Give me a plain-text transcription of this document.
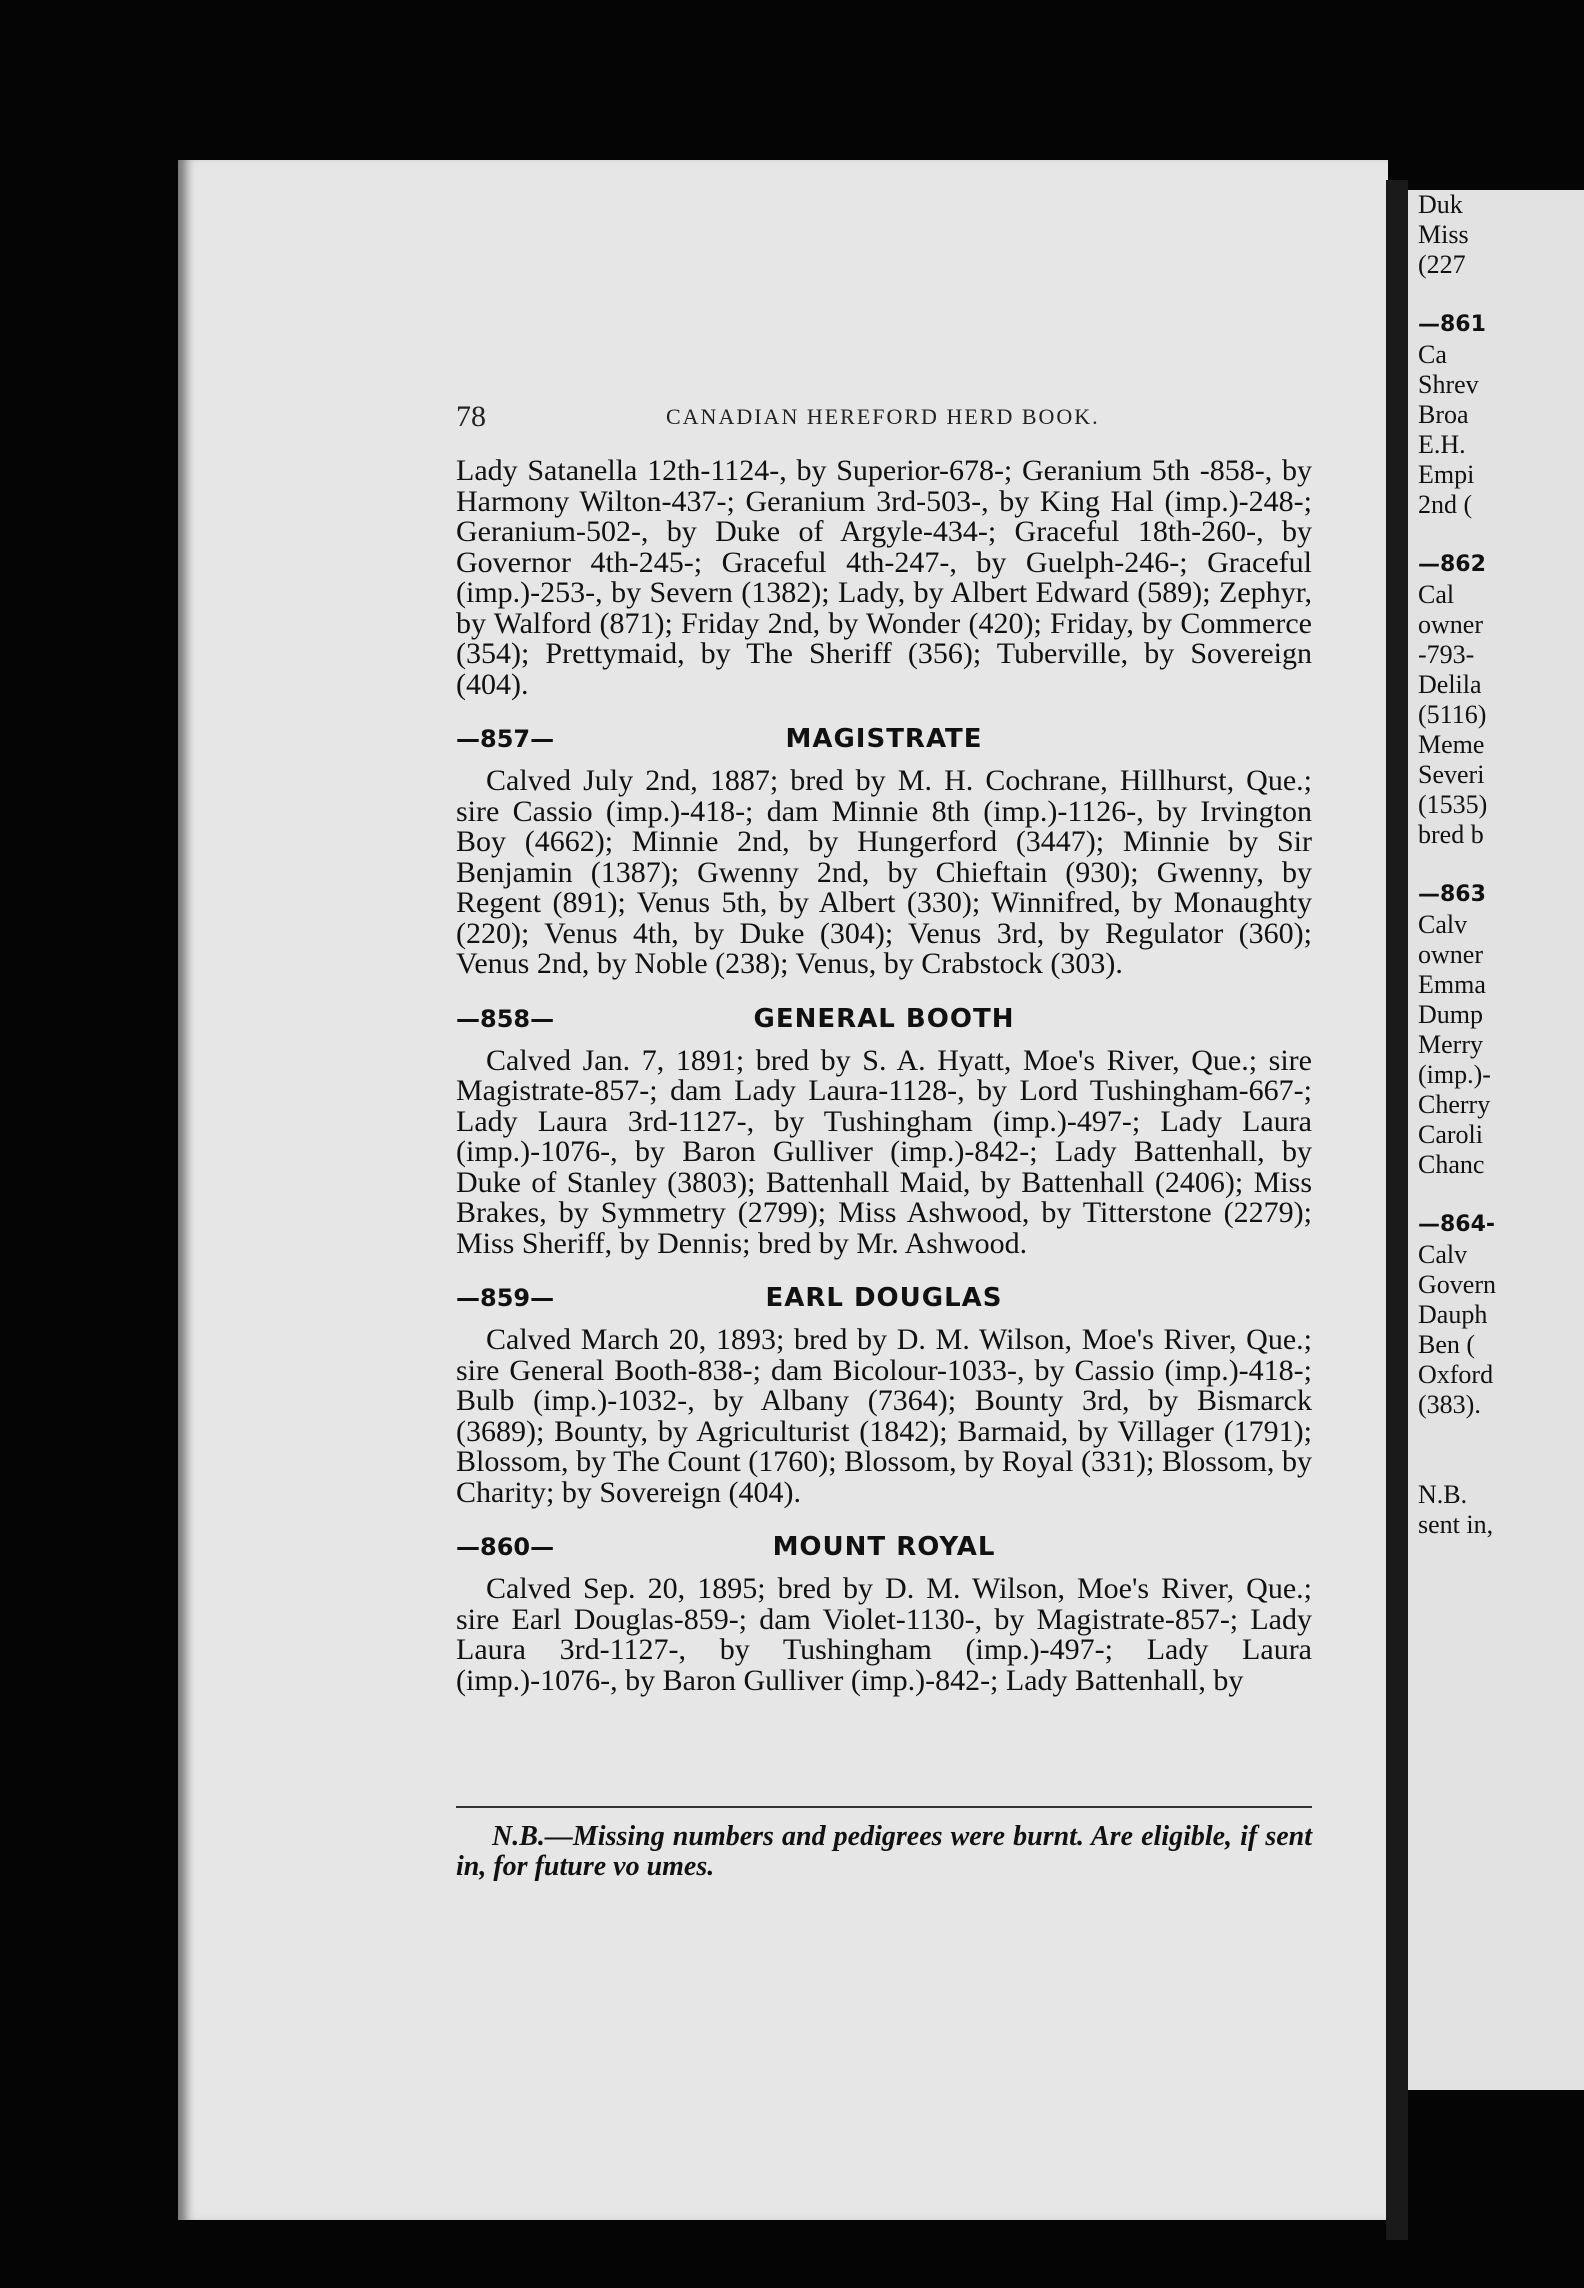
Duk
Miss
(227
—861
Ca
Shrev
Broa
E.H.
Empi
2nd (
—862
Cal
owner
-793-
Delila
(5116)
Meme
Severi
(1535)
bred b
—863
Calv
owner
Emma
Dump
Merry
(imp.)-
Cherry
Caroli
Chanc
—864-
Calv
Govern
Dauph
Ben (
Oxford
(383).
N.B.
sent in,
78	CANADIAN HEREFORD HERD BOOK.

Lady Satanella 12th-1124-, by Superior-678-; Geranium 5th -858-, by Harmony Wilton-437-; Geranium 3rd-503-, by King Hal (imp.)-248-; Geranium-502-, by Duke of Argyle-434-; Graceful 18th-260-, by Governor 4th-245-; Graceful 4th-247-, by Guelph-246-; Graceful (imp.)-253-, by Severn (1382); Lady, by Albert Edward (589); Zephyr, by Walford (871); Friday 2nd, by Wonder (420); Friday, by Commerce (354); Prettymaid, by The Sheriff (356); Tuberville, by Sovereign (404).

—857—	MAGISTRATE

Calved July 2nd, 1887; bred by M. H. Cochrane, Hillhurst, Que.; sire Cassio (imp.)-418-; dam Minnie 8th (imp.)-1126-, by Irvington Boy (4662); Minnie 2nd, by Hungerford (3447); Minnie by Sir Benjamin (1387); Gwenny 2nd, by Chieftain (930); Gwenny, by Regent (891); Venus 5th, by Albert (330); Winnifred, by Monaughty (220); Venus 4th, by Duke (304); Venus 3rd, by Regulator (360); Venus 2nd, by Noble (238); Venus, by Crabstock (303).

—858—	GENERAL BOOTH

Calved Jan. 7, 1891; bred by S. A. Hyatt, Moe's River, Que.; sire Magistrate-857-; dam Lady Laura-1128-, by Lord Tushingham-667-; Lady Laura 3rd-1127-, by Tushingham (imp.)-497-; Lady Laura (imp.)-1076-, by Baron Gulliver (imp.)-842-; Lady Battenhall, by Duke of Stanley (3803); Battenhall Maid, by Battenhall (2406); Miss Brakes, by Symmetry (2799); Miss Ashwood, by Titterstone (2279); Miss Sheriff, by Dennis; bred by Mr. Ashwood.

—859—	EARL DOUGLAS

Calved March 20, 1893; bred by D. M. Wilson, Moe's River, Que.; sire General Booth-838-; dam Bicolour-1033-, by Cassio (imp.)-418-; Bulb (imp.)-1032-, by Albany (7364); Bounty 3rd, by Bismarck (3689); Bounty, by Agriculturist (1842); Barmaid, by Villager (1791); Blossom, by The Count (1760); Blossom, by Royal (331); Blossom, by Charity; by Sovereign (404).

—860—	MOUNT ROYAL

Calved Sep. 20, 1895; bred by D. M. Wilson, Moe's River, Que.; sire Earl Douglas-859-; dam Violet-1130-, by Magistrate-857-; Lady Laura 3rd-1127-, by Tushingham (imp.)-497-; Lady Laura (imp.)-1076-, by Baron Gulliver (imp.)-842-; Lady Battenhall, by

N.B.—Missing numbers and pedigrees were burnt. Are eligible, if sent in, for future vo umes.
